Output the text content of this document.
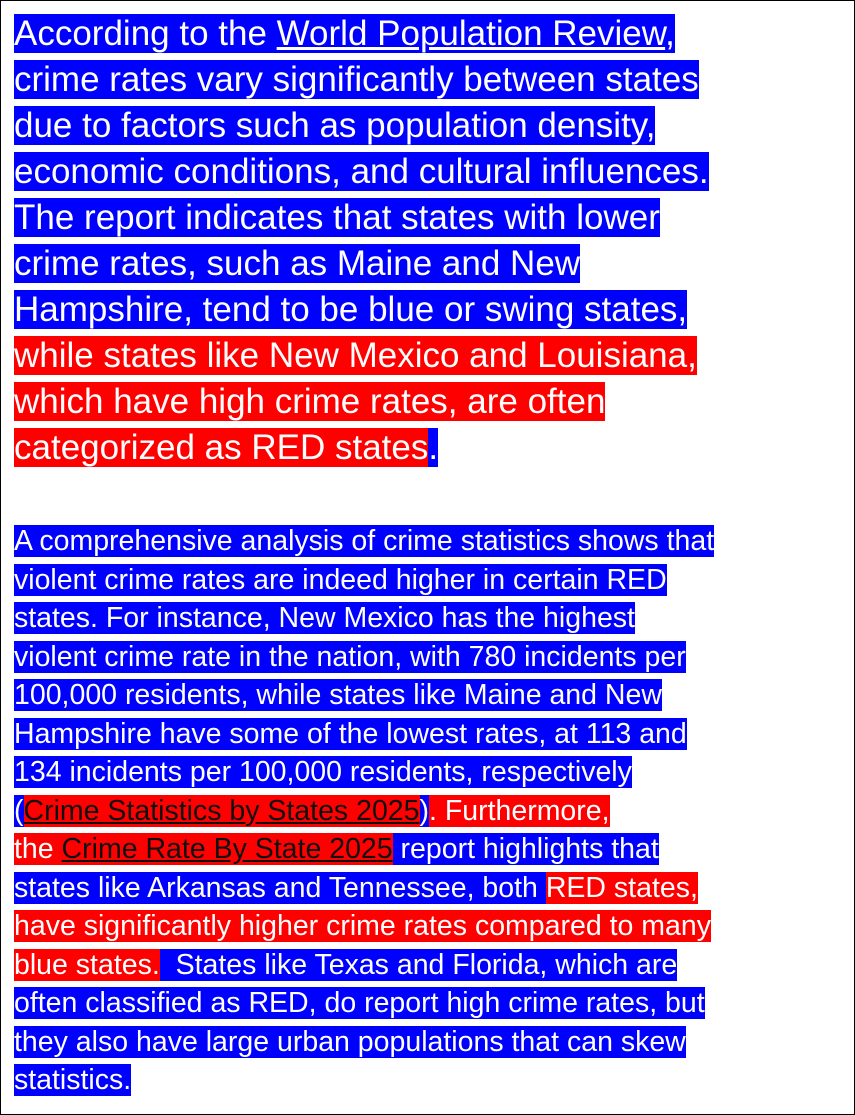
According to the World Population Review,
crime rates vary significantly between states
due to factors such as population density,
economic conditions, and cultural influences.
The report indicates that states with lower
crime rates, such as Maine and New
Hampshire, tend to be blue or swing states,
while states like New Mexico and Louisiana,
which have high crime rates, are often
categorized as RED states.

A comprehensive analysis of crime statistics shows that
violent crime rates are indeed higher in certain RED
states. For instance, New Mexico has the highest
violent crime rate in the nation, with 780 incidents per
100,000 residents, while states like Maine and New
Hampshire have some of the lowest rates, at 113 and
134 incidents per 100,000 residents, respectively
(Crime Statistics by States 2025). Furthermore,
the Crime Rate By State 2025 report highlights that
states like Arkansas and Tennessee, both RED states,
have significantly higher crime rates compared to many
blue states.  States like Texas and Florida, which are
often classified as RED, do report high crime rates, but
they also have large urban populations that can skew
statistics.
